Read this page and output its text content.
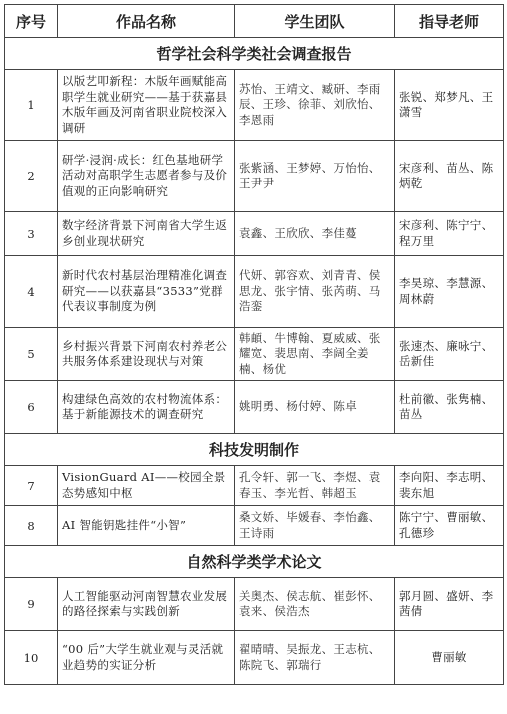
序号	作品名称	学生团队	指导老师
哲学社会科学类社会调查报告			
1	以版艺叩新程：木版年画赋能高职学生就业研究——基于获嘉县木版年画及河南省职业院校深入调研	苏怡、王靖文、臧研、李雨辰、王珍、徐菲、刘欣怡、李恩雨	张锐、郑梦凡、王潇雪
2	研学·浸润·成长：红色基地研学活动对高职学生志愿者参与及价值观的正向影响研究	张紫涵、王梦婷、万怡怡、王尹尹	宋彦利、苗丛、陈炳乾
3	数字经济背景下河南省大学生返乡创业现状研究	袁鑫、王欣欣、李佳蔓	宋彦利、陈宁宁、程万里
4	新时代农村基层治理精准化调查研究——以获嘉县“3533”党群代表议事制度为例	代妍、郭容欢、刘青青、侯思龙、张宇情、张芮萌、马浩銮	李昊琼、李慧源、周林蔚
5	乡村振兴背景下河南农村养老公共服务体系建设现状与对策	韩頔、牛博翰、夏威威、张耀宽、裴思南、李阔全姜楠、杨优	张速杰、廉咏宁、岳新佳
6	构建绿色高效的农村物流体系：基于新能源技术的调查研究	姚明勇、杨付婷、陈卓	杜前徽、张隽楠、苗丛
科技发明制作			
7	VisionGuard AI——校园全景态势感知中枢	孔令轩、郭一飞、李煜、袁春玉、李光哲、韩超玉	李向阳、李志明、裴东旭
8	AI 智能钥匙挂件“小智”	桑文娇、毕媛春、李怡鑫、王诗雨	陈宁宁、曹丽敏、孔德珍
自然科学类学术论文			
9	人工智能驱动河南智慧农业发展的路径探索与实践创新	关奥杰、侯志航、崔彭怀、袁来、侯浩杰	郭月圆、盛妍、李茜倩
10	“00 后”大学生就业观与灵活就业趋势的实证分析	翟晴晴、吴振龙、王志杭、陈院飞、郭瑞行	曹丽敏
